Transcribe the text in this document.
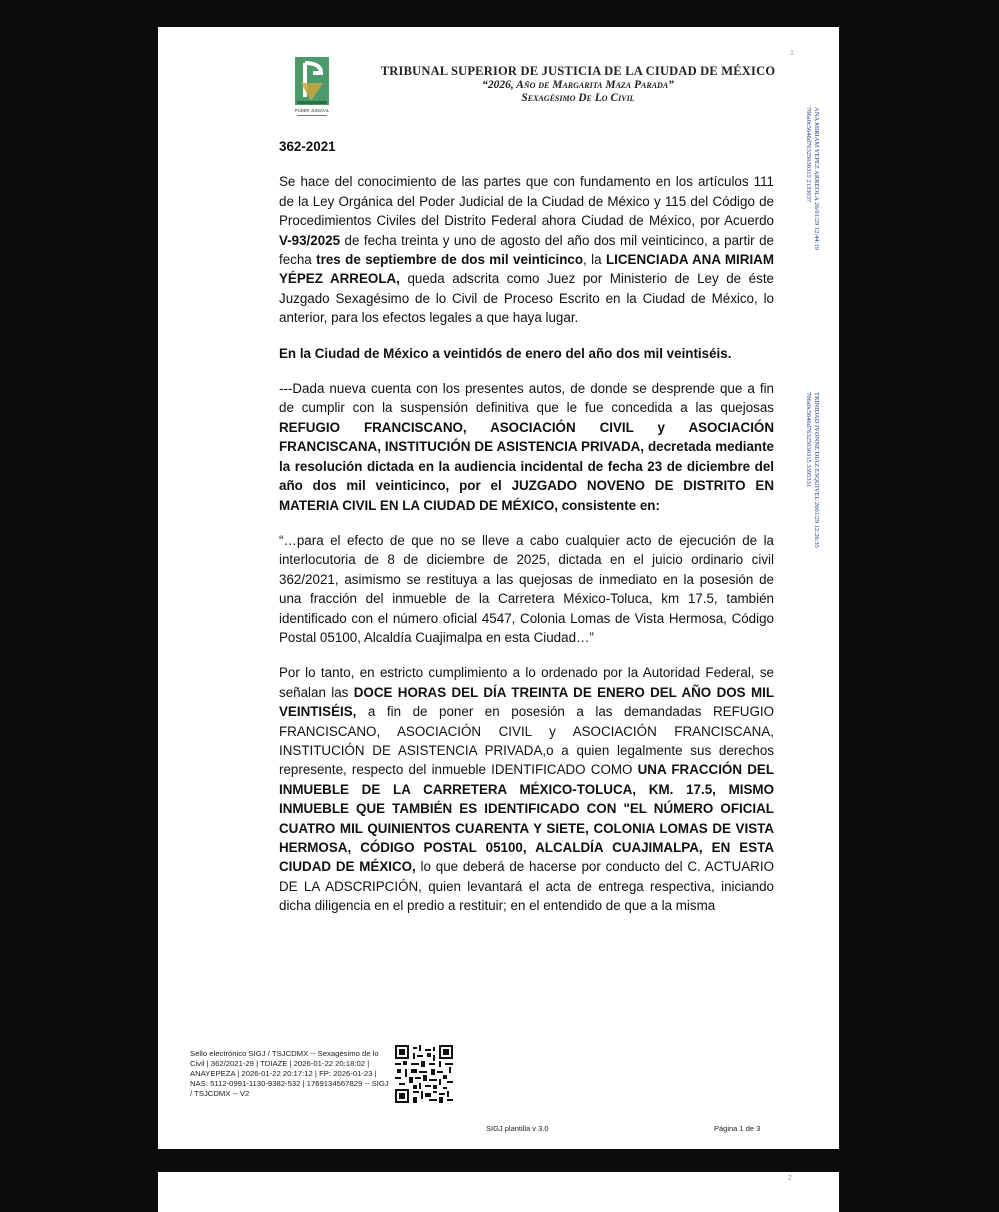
PODER JUDICIAL
TRIBUNAL SUPERIOR DE JUSTICIA DE LA CIUDAD DE MÉXICO
“2026, Año de Margarita Maza Parada”
Sexagésimo De Lo Civil
1
ANA MIRIAM YEPEZ ARREOLA 26/01/29 12:44:19
706a0c5646d76325030315 2133037
TRINIDAD IVONNE DIAZ ESQUIVEL 2601/29 12:26:35
706a0c5646d76325030315 3395331

362-2021

Se hace del conocimiento de las partes que con fundamento en los artículos 111 de la Ley Orgánica del Poder Judicial de la Ciudad de México y 115 del Código de Procedimientos Civiles del Distrito Federal ahora Ciudad de México, por Acuerdo V-93/2025 de fecha treinta y uno de agosto del año dos mil veinticinco, a partir de fecha tres de septiembre de dos mil veinticinco, la LICENCIADA ANA MIRIAM YÉPEZ ARREOLA, queda adscrita como Juez por Ministerio de Ley de éste Juzgado Sexagésimo de lo Civil de Proceso Escrito en la Ciudad de México, lo anterior, para los efectos legales a que haya lugar.

En la Ciudad de México a veintidós de enero del año dos mil veintiséis.

---Dada nueva cuenta con los presentes autos, de donde se desprende que a fin de cumplir con la suspensión definitiva que le fue concedida a las quejosas REFUGIO FRANCISCANO, ASOCIACIÓN CIVIL y ASOCIACIÓN FRANCISCANA, INSTITUCIÓN DE ASISTENCIA PRIVADA, decretada mediante la resolución dictada en la audiencia incidental de fecha 23 de diciembre del año dos mil veinticinco, por el JUZGADO NOVENO DE DISTRITO EN MATERIA CIVIL EN LA CIUDAD DE MÉXICO, consistente en:

“…para el efecto de que no se lleve a cabo cualquier acto de ejecución de la interlocutoria de 8 de diciembre de 2025, dictada en el juicio ordinario civil 362/2021, asimismo se restituya a las quejosas de inmediato en la posesión de una fracción del inmueble de la Carretera México-Toluca, km 17.5, también identificado con el número oficial 4547, Colonia Lomas de Vista Hermosa, Código Postal 05100, Alcaldía Cuajimalpa en esta Ciudad…”

Por lo tanto, en estricto cumplimiento a lo ordenado por la Autoridad Federal, se señalan las DOCE HORAS DEL DÍA TREINTA DE ENERO DEL AÑO DOS MIL VEINTISÉIS, a fin de poner en posesión a las demandadas REFUGIO FRANCISCANO, ASOCIACIÓN CIVIL y ASOCIACIÓN FRANCISCANA, INSTITUCIÓN DE ASISTENCIA PRIVADA,o a quien legalmente sus derechos represente, respecto del inmueble IDENTIFICADO COMO UNA FRACCIÓN DEL INMUEBLE DE LA CARRETERA MÉXICO-TOLUCA, KM. 17.5, MISMO INMUEBLE QUE TAMBIÉN ES IDENTIFICADO CON "EL NÚMERO OFICIAL CUATRO MIL QUINIENTOS CUARENTA Y SIETE, COLONIA LOMAS DE VISTA HERMOSA, CÓDIGO POSTAL 05100, ALCALDÍA CUAJIMALPA, EN ESTA CIUDAD DE MÉXICO, lo que deberá de hacerse por conducto del C. ACTUARIO DE LA ADSCRIPCIÓN, quien levantará el acta de entrega respectiva, iniciando dicha diligencia en el predio a restituir; en el entendido de que a la misma

Sello electrónico SIGJ / TSJCDMX -- Sexagésimo de lo Civil | 362/2021-29 | TDIAZE | 2026-01-22 20:18:02 | ANAYEPEZA | 2026-01-22 20:17:12 | FP: 2026-01-23 | NAS: 5112-0991-1130-9382-532 | 1769134567829 -- SIGJ / TSJCDMX -- V2
SIGJ plantilla v 3.0	Página 1 de 3
2
